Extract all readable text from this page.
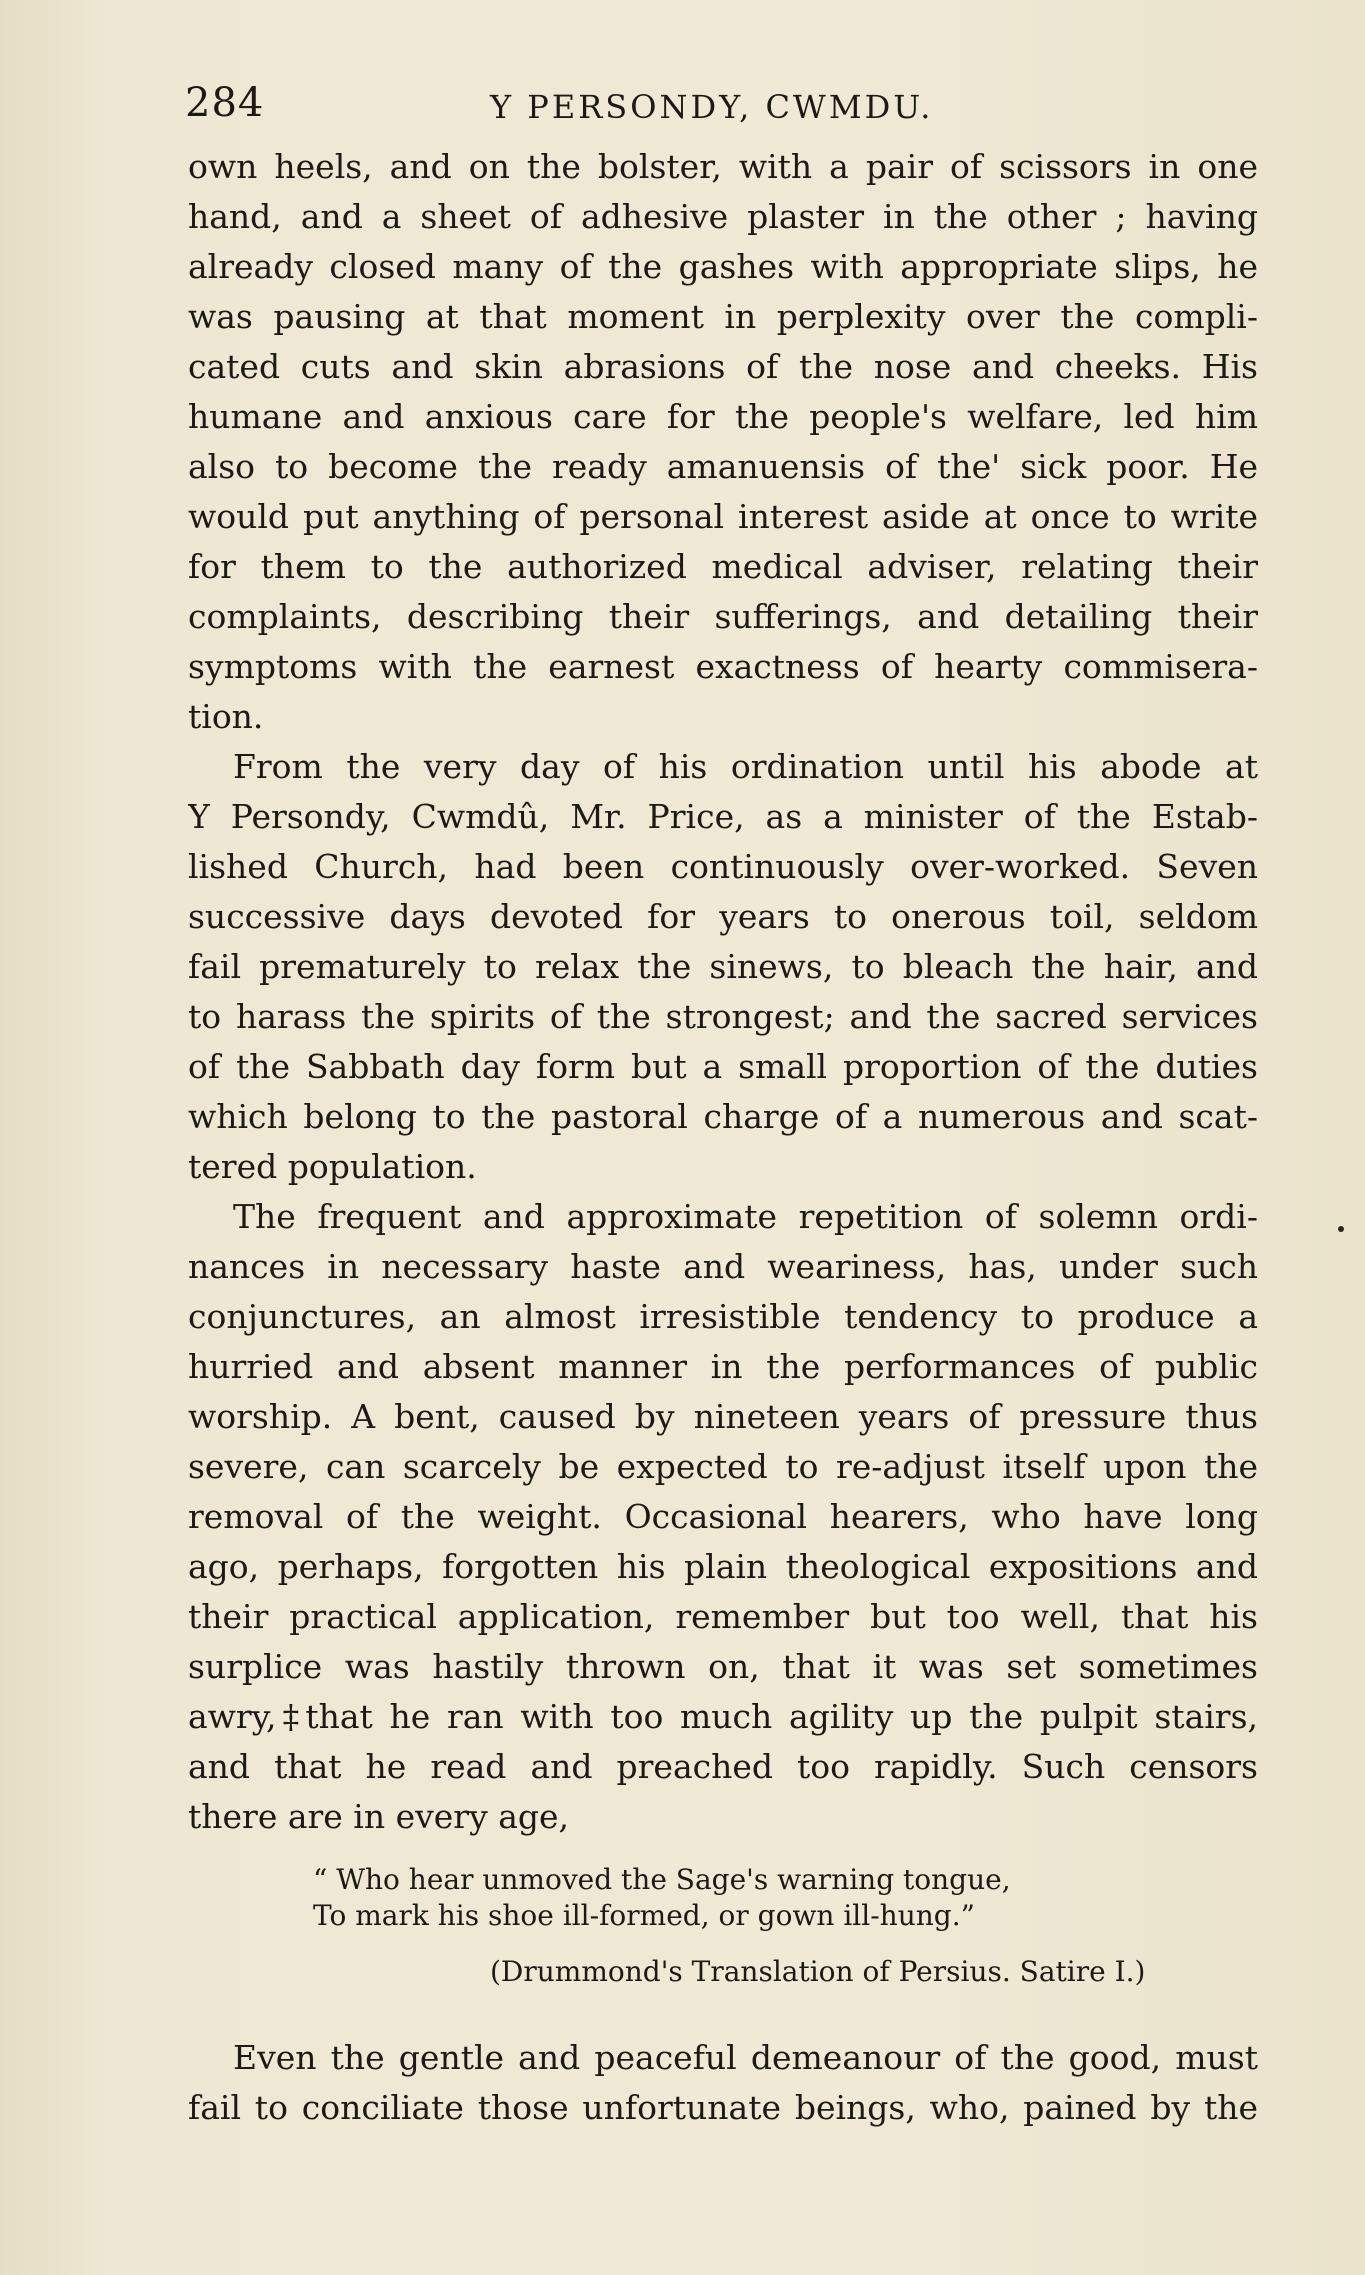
284	Y PERSONDY, CWMDU.
own heels, and on the bolster, with a pair of scissors in one
hand, and a sheet of adhesive plaster in the other ; having
already closed many of the gashes with appropriate slips, he
was pausing at that moment in perplexity over the compli-
cated cuts and skin abrasions of the nose and cheeks. His
humane and anxious care for the people's welfare, led him
also to become the ready amanuensis of the' sick poor. He
would put anything of personal interest aside at once to write
for them to the authorized medical adviser, relating their
complaints, describing their sufferings, and detailing their
symptoms with the earnest exactness of hearty commisera-
tion.
From the very day of his ordination until his abode at
Y Persondy, Cwmdû, Mr. Price, as a minister of the Estab-
lished Church, had been continuously over-worked. Seven
successive days devoted for years to onerous toil, seldom
fail prematurely to relax the sinews, to bleach the hair, and
to harass the spirits of the strongest; and the sacred services
of the Sabbath day form but a small proportion of the duties
which belong to the pastoral charge of a numerous and scat-
tered population.
The frequent and approximate repetition of solemn ordi-
nances in necessary haste and weariness, has, under such
conjunctures, an almost irresistible tendency to produce a
hurried and absent manner in the performances of public
worship. A bent, caused by nineteen years of pressure thus
severe, can scarcely be expected to re-adjust itself upon the
removal of the weight. Occasional hearers, who have long
ago, perhaps, forgotten his plain theological expositions and
their practical application, remember but too well, that his
surplice was hastily thrown on, that it was set sometimes
awry,‡that he ran with too much agility up the pulpit stairs,
and that he read and preached too rapidly. Such censors
there are in every age,
“ Who hear unmoved the Sage's warning tongue,
To mark his shoe ill-formed, or gown ill-hung.”
(Drummond's Translation of Persius. Satire I.)
Even the gentle and peaceful demeanour of the good, must
fail to conciliate those unfortunate beings, who, pained by the
